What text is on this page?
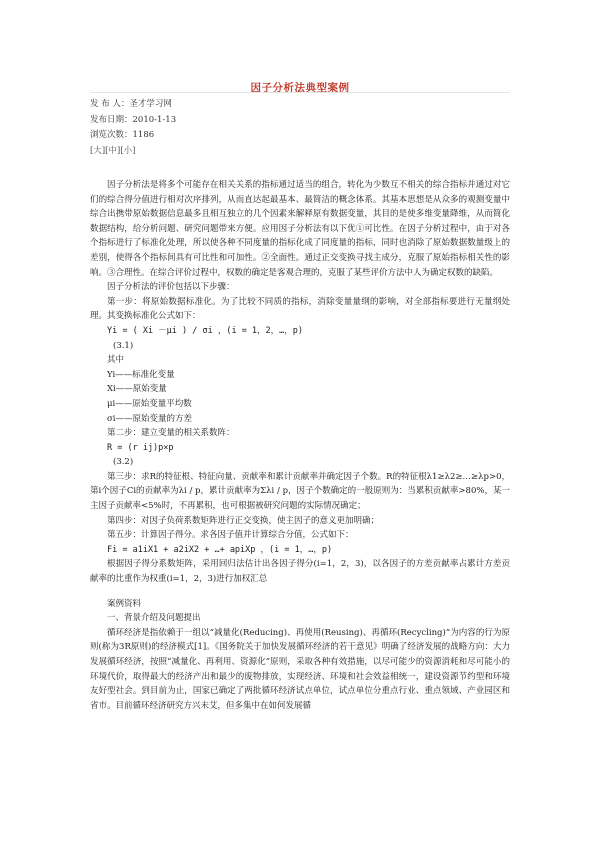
因子分析法典型案例
发 布 人：圣才学习网
发布日期：2010-1-13
浏览次数：1186
[大][中][小]

因子分析法是将多个可能存在相关关系的指标通过适当的组合，转化为少数互不相关的综合指标并通过对它们的综合得分值进行相对次序排列，从而直达起最基本、最简洁的概念体系。其基本思想是从众多的观测变量中综合出携带原始数据信息最多且相互独立的几个因素来解释原有数据变量，其目的是使多维变量降维，从而简化数据结构，给分析问题、研究问题带来方便。应用因子分析法有以下优①可比性。在因子分析过程中，由于对各个指标进行了标准化处理，所以使各种不同度量的指标化成了同度量的指标，同时也消除了原始数据数量级上的差别，使得各个指标间具有可比性和可加性。②全面性。通过正交变换寻找主成分，克服了原始指标相关性的影响。③合理性。在综合评价过程中，权数的确定是客观合理的，克服了某些评价方法中人为确定权数的缺陷。

因子分析法的评价包括以下步骤：

第一步：将原始数据标准化。为了比较不同质的指标，消除变量量纲的影响，对全部指标要进行无量纲处理。其变换标准化公式如下：

Yi = ( Xi －μi ) / σi ，(i = 1，2，…，p)

(3.1)

其中

Yi——标准化变量

Xi——原始变量

μi——原始变量平均数

σi——原始变量的方差

第二步：建立变量的相关系数阵：

R = (r ij)p×p

(3.2)

第三步：求R的特征根、特征向量、贡献率和累计贡献率并确定因子个数。R的特征根λ1≥λ2≥…≥λp>0，第i个因子Ci的贡献率为λi / p，累计贡献率为Σλi / p，因子个数确定的一般原则为：当累积贡献率>80%，某一主因子贡献率<5%时，不再累积，也可根据被研究问题的实际情况确定；

第四步：对因子负荷系数矩阵进行正交变换，使主因子的意义更加明确；

第五步：计算因子得分。求各因子值并计算综合分值，公式如下：

Fi = a1iX1 + a2iX2 + …+ apiXp ，(i = 1，…，p)

根据因子得分系数矩阵，采用回归法估计出各因子得分(i=1，2，3)，以各因子的方差贡献率占累计方差贡献率的比重作为权重(i=1，2，3)进行加权汇总

案例资料

一、背景介绍及问题提出

循环经济是指依赖于一组以“减量化(Reducing)、再使用(Reusing)、再循环(Recycling)”为内容的行为原则(称为3R原则)的经济模式[1]。《国务院关于加快发展循环经济的若干意见》明确了经济发展的战略方向：大力发展循环经济，按照“减量化、再利用、资源化”原则，采取各种有效措施，以尽可能少的资源消耗和尽可能小的环境代价，取得最大的经济产出和最少的废物排放，实现经济、环境和社会效益相统一，建设资源节约型和环境友好型社会。到目前为止，国家已确定了两批循环经济试点单位，试点单位分重点行业、重点领域、产业园区和省市。目前循环经济研究方兴未艾，但多集中在如何发展循
